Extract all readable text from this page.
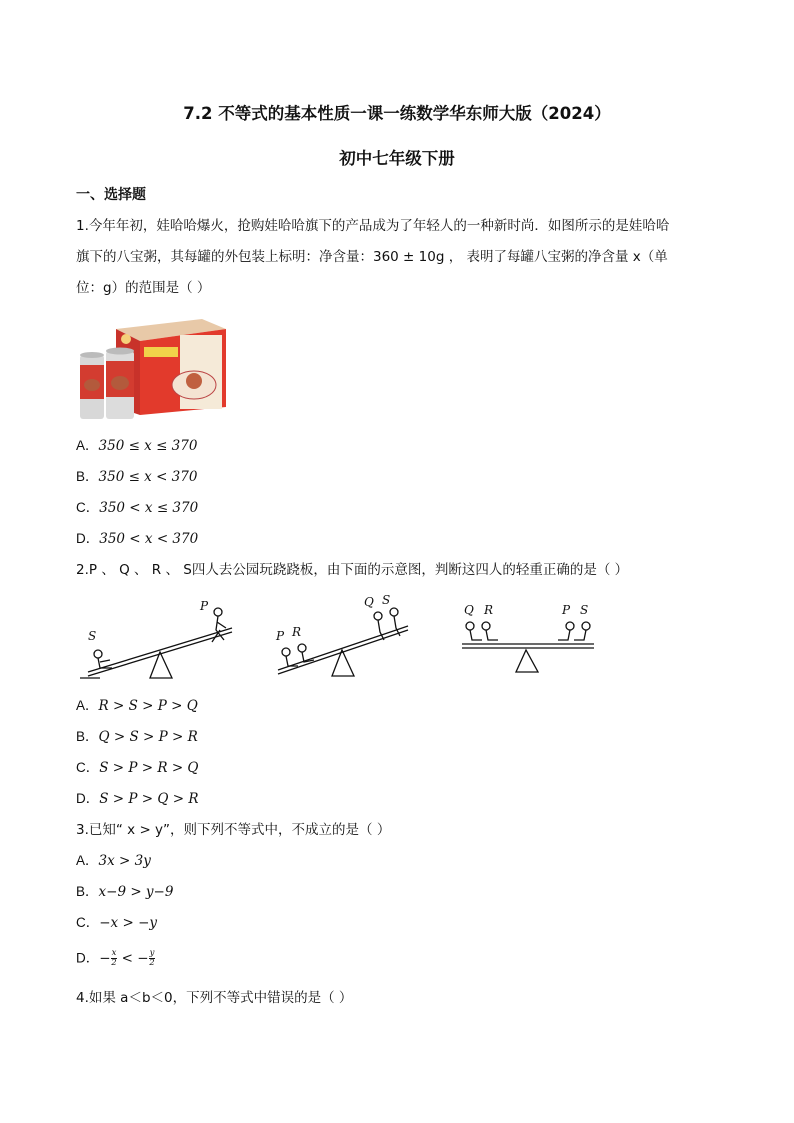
7.2 不等式的基本性质一课一练数学华东师大版（2024）
初中七年级下册
一、选择题
1.今年年初，娃哈哈爆火，抢购娃哈哈旗下的产品成为了年轻人的一种新时尚．如图所示的是娃哈哈
旗下的八宝粥，其每罐的外包装上标明：净含量：360 ± 10g ， 表明了每罐八宝粥的净含量 x（单
位：g）的范围是（ ）
A．350 ≤ x ≤ 370
B．350 ≤ x < 370
C．350 < x ≤ 370
D．350 < x < 370
2.P 、 Q 、 R 、 S四人去公园玩跷跷板，由下面的示意图，判断这四人的轻重正确的是（ ）
S
P
P R
Q S
Q R	P S
A．R > S > P > Q
B．Q > S > P > R
C．S > P > R > Q
D．S > P > Q > R
3.已知“ x > y”，则下列不等式中，不成立的是（ ）
A．3x > 3y
B．x−9 > y−9
C．−x > −y
D．− $\frac{x}{2}$ < − $\frac{y}{2}$
4.如果 a＜b＜0，下列不等式中错误的是（ ）
